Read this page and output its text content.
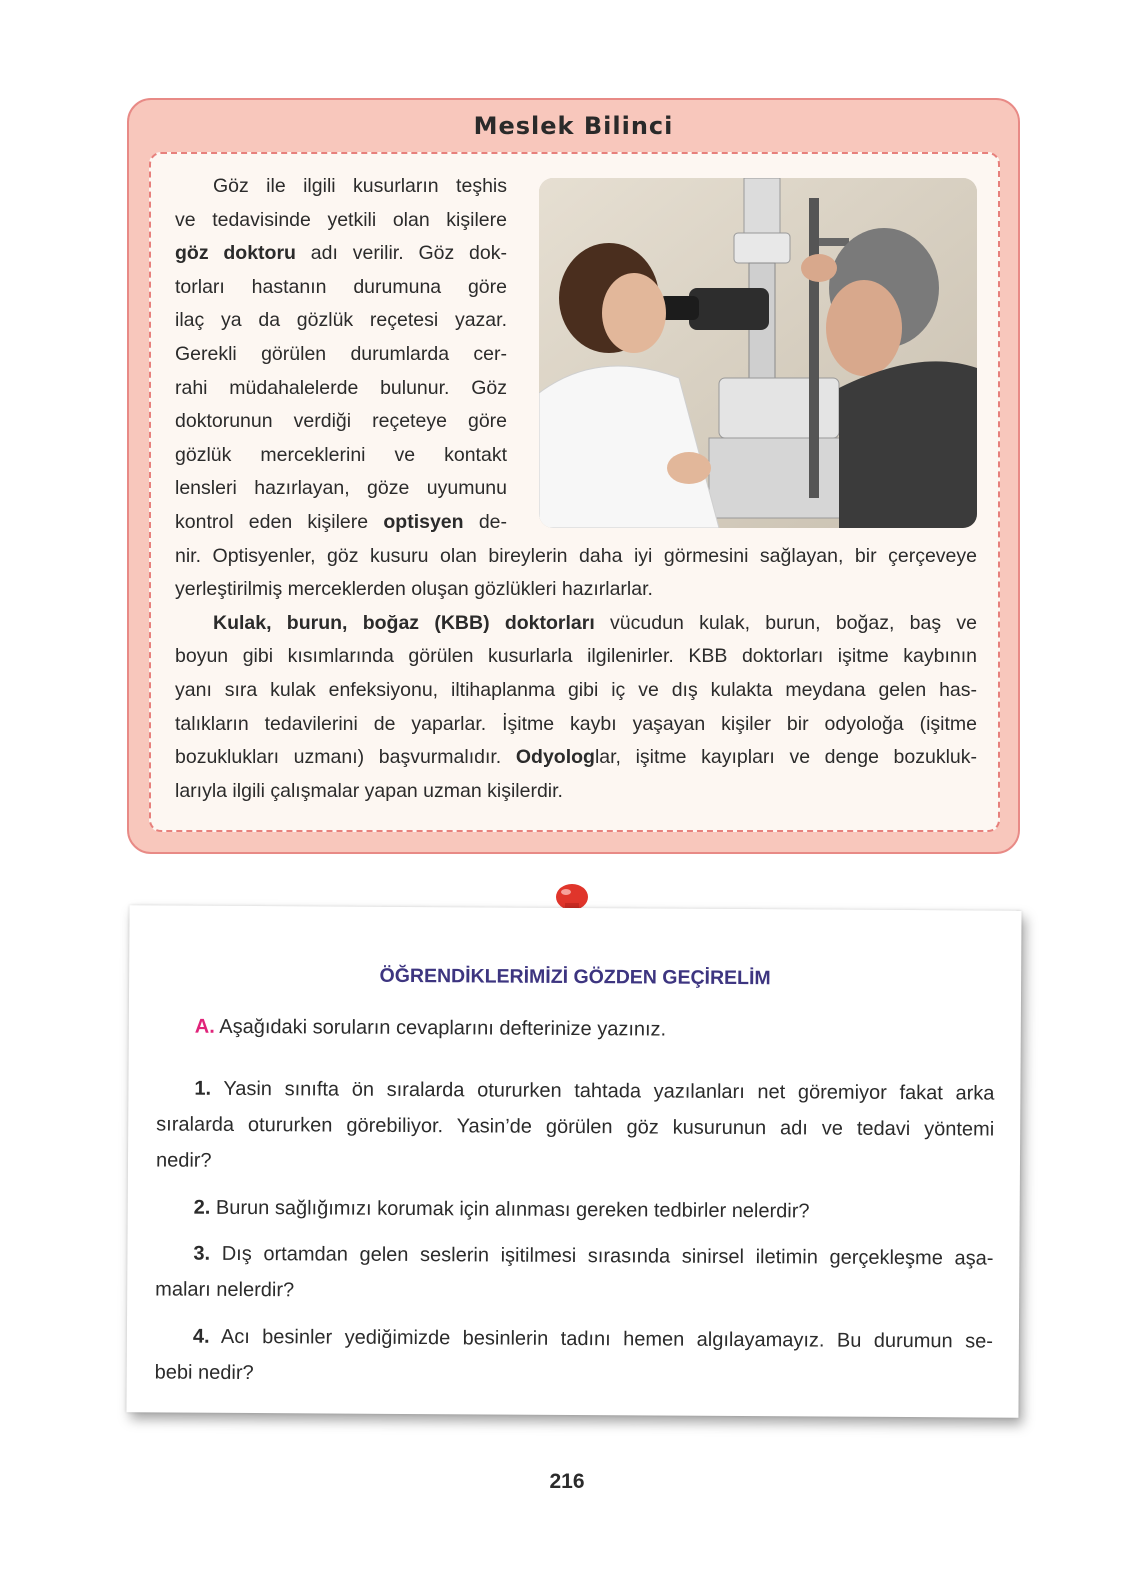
Meslek Bilinci
Göz ile ilgili kusurların teşhis
ve tedavisinde yetkili olan kişilere
göz doktoru adı verilir. Göz dok-
torları hastanın durumuna göre
ilaç ya da gözlük reçetesi yazar.
Gerekli görülen durumlarda cer-
rahi müdahalelerde bulunur. Göz
doktorunun verdiği reçeteye göre
gözlük merceklerini ve kontakt
lensleri hazırlayan, göze uyumunu
kontrol eden kişilere optisyen de-
nir. Optisyenler, göz kusuru olan bireylerin daha iyi görmesini sağlayan, bir çerçeveye
yerleştirilmiş merceklerden oluşan gözlükleri hazırlarlar.
Kulak, burun, boğaz (KBB) doktorları vücudun kulak, burun, boğaz, baş ve
boyun gibi kısımlarında görülen kusurlarla ilgilenirler. KBB doktorları işitme kaybının
yanı sıra kulak enfeksiyonu, iltihaplanma gibi iç ve dış kulakta meydana gelen has-
talıkların tedavilerini de yaparlar. İşitme kaybı yaşayan kişiler bir odyoloğa (işitme
bozuklukları uzmanı) başvurmalıdır. Odyologlar, işitme kayıpları ve denge bozukluk-
larıyla ilgili çalışmalar yapan uzman kişilerdir.
ÖĞRENDİKLERİMİZİ GÖZDEN GEÇİRELİM
A. Aşağıdaki soruların cevaplarını defterinize yazınız.
1. Yasin sınıfta ön sıralarda otururken tahtada yazılanları net göremiyor fakat arka
sıralarda otururken görebiliyor. Yasin’de görülen göz kusurunun adı ve tedavi yöntemi
nedir?
2. Burun sağlığımızı korumak için alınması gereken tedbirler nelerdir?
3. Dış ortamdan gelen seslerin işitilmesi sırasında sinirsel iletimin gerçekleşme aşa-
maları nelerdir?
4. Acı besinler yediğimizde besinlerin tadını hemen algılayamayız. Bu durumun se-
bebi nedir?
216
